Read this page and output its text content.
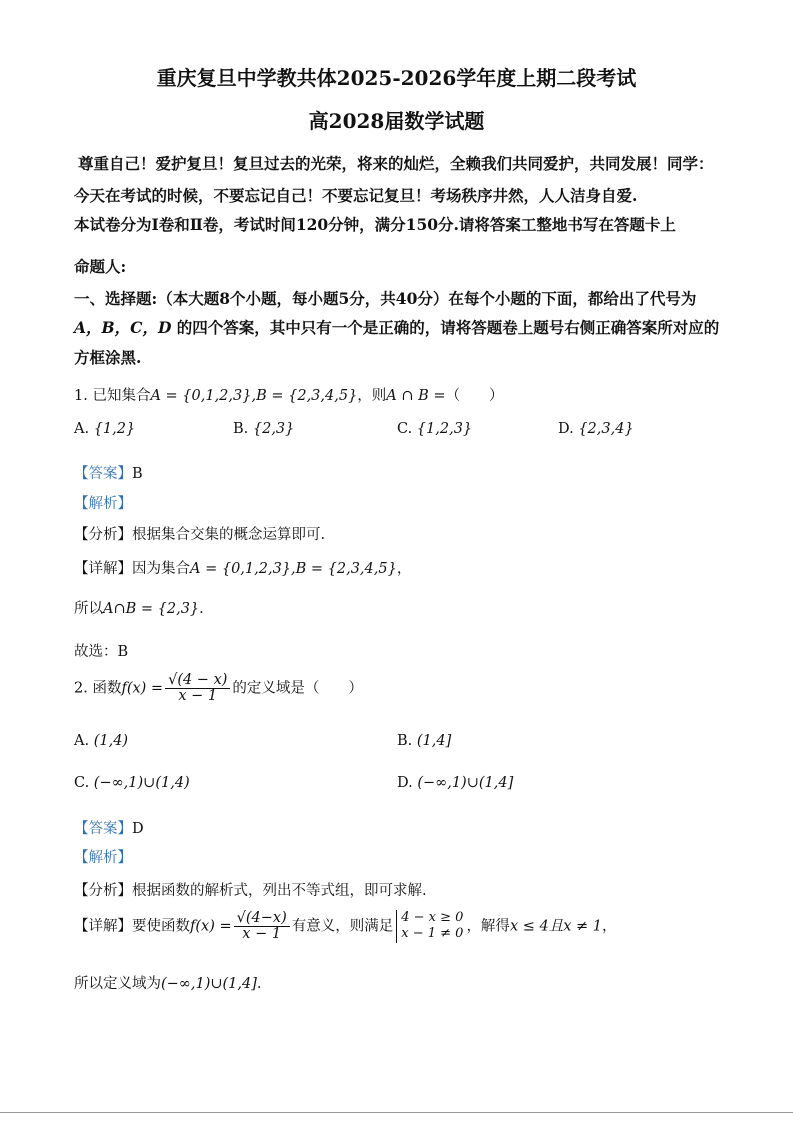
重庆复旦中学教共体2025-2026学年度上期二段考试
高2028届数学试题
尊重自己！爱护复旦！复旦过去的光荣，将来的灿烂，全赖我们共同爱护，共同发展！同学：
今天在考试的时候，不要忘记自己！不要忘记复旦！考场秩序井然，人人洁身自爱.
本试卷分为Ⅰ卷和Ⅱ卷，考试时间120分钟，满分150分.请将答案工整地书写在答题卡上
命题人:
一、选择题:（本大题8个小题，每小题5分，共40分）在每个小题的下面，都给出了代号为
A，B，C，D 的四个答案，其中只有一个是正确的，请将答题卷上题号右侧正确答案所对应的
方框涂黑.
1. 已知集合A = {0,1,2,3},B = {2,3,4,5}，则A ∩ B =（　　）
A. {1,2}	B. {2,3}	C. {1,2,3}	D. {2,3,4}
【答案】B
【解析】
【分析】根据集合交集的概念运算即可.
【详解】因为集合A = {0,1,2,3},B = {2,3,4,5}，
所以A∩B = {2,3}.
故选：B
2. 函数$f(x) = \frac{√(4 - x)}{x - 1}$ 的定义域是（　　）
A. (1,4)	B. (1,4]
C. (−∞,1)∪(1,4)	D. (−∞,1)∪(1,4]
【答案】D
【解析】
【分析】根据函数的解析式，列出不等式组，即可求解.
【详解】要使函数$f(x) = \frac{√(4-x)}{x - 1}$ 有意义，则满足
4 − x ≥ 0
x − 1 ≠ 0 ，解得x ≤ 4且x ≠ 1，
所以定义域为(−∞,1)∪(1,4].
